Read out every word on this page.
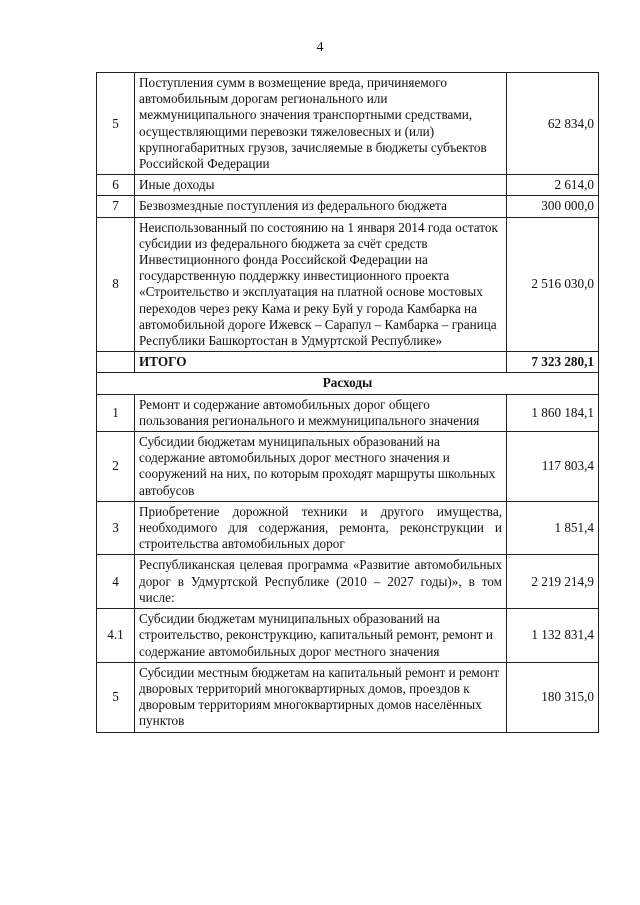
4
5	Поступления сумм в возмещение вреда, причиняемого автомобильным дорогам регионального или межмуниципального значения транспортными средствами, осуществляющими перевозки тяжеловесных и (или) крупногабаритных грузов, зачисляемые в бюджеты субъектов Российской Федерации	62 834,0
6	Иные доходы	2 614,0
7	Безвозмездные поступления из федерального бюджета	300 000,0
8	Неиспользованный по состоянию на 1 января 2014 года остаток субсидии из федерального бюджета за счёт средств Инвестиционного фонда Российской Федерации на государственную поддержку инвестиционного проекта «Строительство и эксплуатация на платной основе мостовых переходов через реку Кама и реку Буй у города Камбарка на автомобильной дороге Ижевск – Сарапул – Камбарка – граница Республики Башкортостан в Удмуртской Республике»	2 516 030,0
	ИТОГО	7 323 280,1
Расходы		
1	Ремонт и содержание автомобильных дорог общего пользования регионального и межмуниципального значения	1 860 184,1
2	Субсидии бюджетам муниципальных образований на содержание автомобильных дорог местного значения и сооружений на них, по которым проходят маршруты школьных автобусов	117 803,4
3	Приобретение дорожной техники и другого имущества, необходимого для содержания, ремонта, реконструкции и строительства автомобильных дорог	1 851,4
4	Республиканская целевая программа «Развитие автомобильных дорог в Удмуртской Республике (2010 – 2027 годы)», в том числе:	2 219 214,9
4.1	Субсидии бюджетам муниципальных образований на строительство, реконструкцию, капитальный ремонт, ремонт и содержание автомобильных дорог местного значения	1 132 831,4
5	Субсидии местным бюджетам на капитальный ремонт и ремонт дворовых территорий многоквартирных домов, проездов к дворовым территориям многоквартирных домов населённых пунктов	180 315,0
